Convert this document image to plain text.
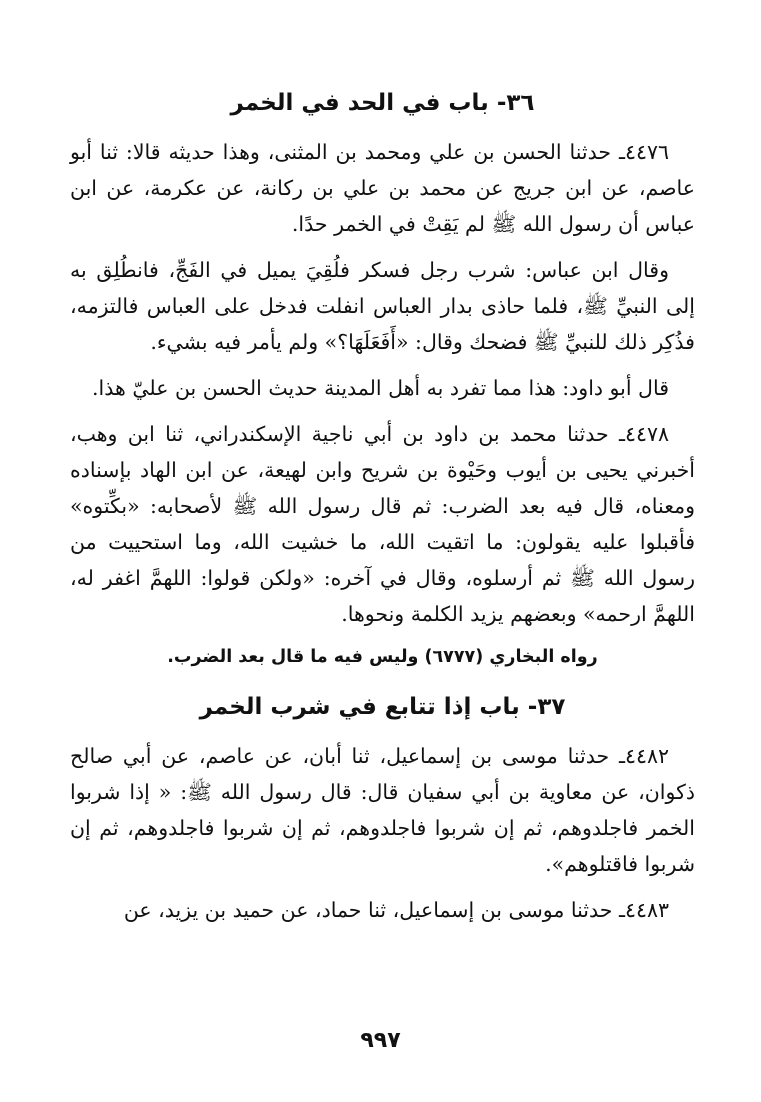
٣٦- باب في الحد في الخمر

٤٤٧٦ـ حدثنا الحسن بن علي ومحمد بن المثنى، وهذا حديثه قالا: ثنا أبو عاصم، عن ابن جريج عن محمد بن علي بن ركانة، عن عكرمة، عن ابن عباس أن رسول الله ﷺ لم يَقِتْ في الخمر حدًا.

وقال ابن عباس: شرب رجل فسكر فلُقِيَ يميل في الفَجِّ، فانطُلِق به إلى النبيِّ ﷺ، فلما حاذى بدار العباس انفلت فدخل على العباس فالتزمه، فذُكِر ذلك للنبيِّ ﷺ فضحك وقال: «أَفَعَلَهَا؟» ولم يأمر فيه بشيء.

قال أبو داود: هذا مما تفرد به أهل المدينة حديث الحسن بن عليّ هذا.

٤٤٧٨ـ حدثنا محمد بن داود بن أبي ناجية الإسكندراني، ثنا ابن وهب، أخبرني يحيى بن أيوب وحَيْوة بن شريح وابن لهيعة، عن ابن الهاد بإسناده ومعناه، قال فيه بعد الضرب: ثم قال رسول الله ﷺ لأصحابه: «بكِّتوه» فأقبلوا عليه يقولون: ما اتقيت الله، ما خشيت الله، وما استحييت من رسول الله ﷺ ثم أرسلوه، وقال في آخره: «ولكن قولوا: اللهمَّ اغفر له، اللهمَّ ارحمه» وبعضهم يزيد الكلمة ونحوها.

رواه البخاري (٦٧٧٧) وليس فيه ما قال بعد الضرب.

٣٧- باب إذا تتابع في شرب الخمر

٤٤٨٢ـ حدثنا موسى بن إسماعيل، ثنا أبان، عن عاصم، عن أبي صالح ذكوان، عن معاوية بن أبي سفيان قال: قال رسول الله ﷺ: « إذا شربوا الخمر فاجلدوهم، ثم إن شربوا فاجلدوهم، ثم إن شربوا فاجلدوهم، ثم إن شربوا فاقتلوهم».

٤٤٨٣ـ حدثنا موسى بن إسماعيل، ثنا حماد، عن حميد بن يزيد، عن

٩٩٧
